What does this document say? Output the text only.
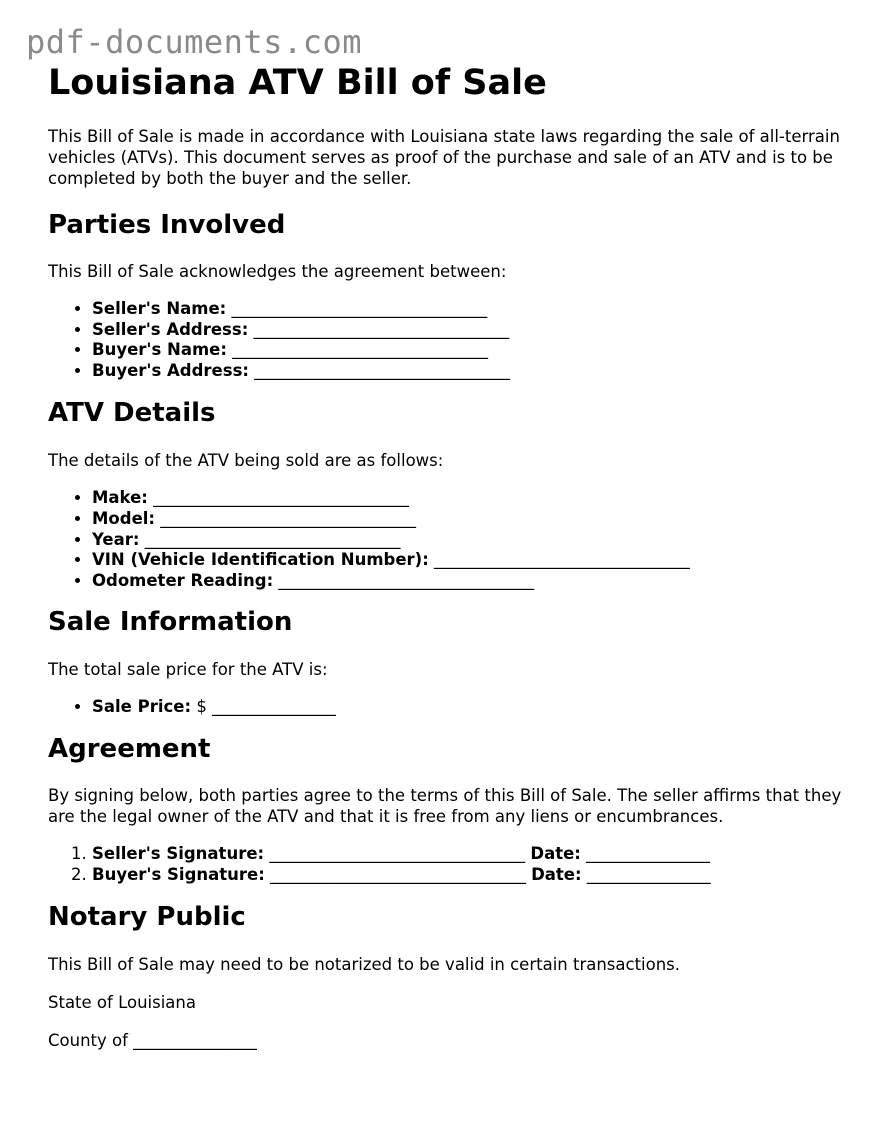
pdf-documents.com
Louisiana ATV Bill of Sale

This Bill of Sale is made in accordance with Louisiana state laws regarding the sale of all-terrain vehicles (ATVs). This document serves as proof of the purchase and sale of an ATV and is to be completed by both the buyer and the seller.

Parties Involved

This Bill of Sale acknowledges the agreement between:

• Seller's Name: _______________________________
• Seller's Address: _______________________________
• Buyer's Name: _______________________________
• Buyer's Address: _______________________________
ATV Details

The details of the ATV being sold are as follows:

• Make: _______________________________
• Model: _______________________________
• Year: _______________________________
• VIN (Vehicle Identification Number): _______________________________
• Odometer Reading: _______________________________
Sale Information

The total sale price for the ATV is:

• Sale Price: $ _______________
Agreement

By signing below, both parties agree to the terms of this Bill of Sale. The seller affirms that they are the legal owner of the ATV and that it is free from any liens or encumbrances.

1. Seller's Signature: _______________________________ Date: _______________
2. Buyer's Signature: _______________________________ Date: _______________
Notary Public

This Bill of Sale may need to be notarized to be valid in certain transactions.

State of Louisiana

County of _______________
